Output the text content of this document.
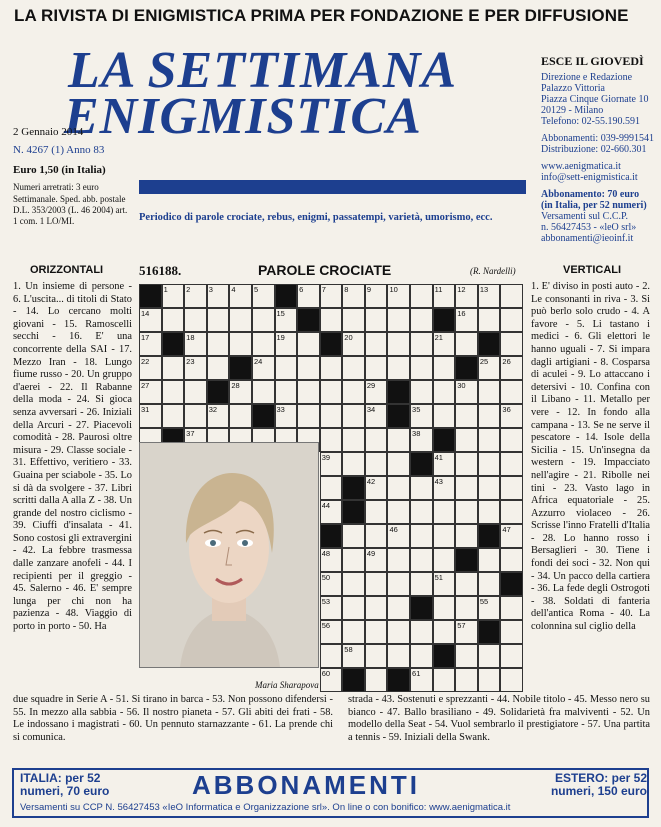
LA RIVISTA DI ENIGMISTICA PRIMA PER FONDAZIONE E PER DIFFUSIONE
LA SETTIMANA
ENIGMISTICA
2 Gennaio 2014
N. 4267 (1) Anno 83
Euro 1,50 (in Italia)
Numeri arretrati: 3 euro
Settimanale. Sped. abb. postale D.L. 353/2003 (L. 46 2004) art. 1 com. 1 LO/MI.	Periodico di parole crociate, rebus, enigmi, passatempi, varietà, umorismo, ecc.
ESCE IL GIOVEDÌ
Direzione e Redazione
Palazzo Vittoria
Piazza Cinque Giornate 10
20129 - Milano
Telefono: 02-55.190.591
Abbonamenti: 039-9991541
Distribuzione: 02-660.301
www.aenigmatica.it
info@sett-enigmistica.it
Abbonamento: 70 euro
(in Italia, per 52 numeri)
Versamenti sul C.C.P.
n. 56427453 - «leO srl»
abbonamenti@ieoinf.it
ORIZZONTALI
1. Un insieme di persone - 6. L'uscita... di titoli di Stato - 14. Lo cercano molti giovani - 15. Ramoscelli secchi - 16. E' una concorrente della SAI - 17. Mezzo Iran - 18. Lungo fiume russo - 20. Un gruppo d'aerei - 22. Il Rabanne della moda - 24. Si gioca senza avversari - 26. Iniziali della Arcuri - 27. Piacevoli comodità - 28. Paurosi oltre misura - 29. Classe sociale - 31. Effettivo, veritiero - 33. Guaina per sciabole - 35. Lo si dà da svolgere - 37. Libri scritti dalla A alla Z - 38. Un grande del nostro ciclismo - 39. Ciuffi d'insalata - 41. Sono costosi gli extravergini - 42. La febbre trasmessa dalle zanzare anofeli - 44. I recipienti per il greggio - 45. Salerno - 46. E' sempre lunga per chi non ha pazienza - 48. Viaggio di porto in porto - 50. Ha
VERTICALI
1. E' diviso in posti auto - 2. Le consonanti in riva - 3. Si può berlo solo crudo - 4. A favore - 5. Li tastano i medici - 6. Gli elettori le hanno uguali - 7. Si impara dagli artigiani - 8. Cosparsa di aculei - 9. Lo attaccano i detersivi - 10. Confina con il Libano - 11. Metallo per vere - 12. In fondo alla campana - 13. Se ne serve il pescatore - 14. Isole della Sicilia - 15. Un'insegna da western - 19. Impacciato nell'agire - 21. Ribolle nei tini - 23. Vasto lago in Africa equatoriale - 25. Azzurro violaceo - 26. Scrisse l'inno Fratelli d'Italia - 28. Lo hanno rosso i Bersaglieri - 30. Tiene i fondi dei soci - 32. Non qui - 34. Un pacco della cartiera - 36. La fede degli Ostrogoti - 38. Soldati di fanteria dell'antica Roma - 40. La colonnina sul ciglio della
due squadre in Serie A - 51. Si tirano in barca - 53. Non possono difendersi - 55. In mezzo alla sabbia - 56. Il nostro pianeta - 57. Gli abiti dei frati - 58. Le indossano i magistrati - 60. Un pennuto starnazzante - 61. La prende chi si comunica.
strada - 43. Sostenuti e sprezzanti - 44. Nobile titolo - 45. Messo nero su bianco - 47. Ballo brasiliano - 49. Solidarietà fra malviventi - 52. Un modello della Seat - 54. Vuol sembrarlo il prestigiatore - 57. Una partita a tennis - 59. Iniziali della Swank.
516188.	PAROLE CROCIATE	(R. Nardelli)
1 2 3 4 5	6 7 8 9 10	11 12 13
14	15	16
17	18	19	20	21
22	23	24	25 26
27	28	29	30
31	32	33	34	35	36
37	38
39	41
42	43
44
46	47
48	49
50	51
53	55
56	57
58
60	61
Maria Sharapova
ITALIA: per 52 numeri, 70 euro	ABBONAMENTI	ESTERO: per 52 numeri, 150 euro
Versamenti su CCP N. 56427453 «IeO Informatica e Organizzazione srl». On line o con bonifico: www.aenigmatica.it
